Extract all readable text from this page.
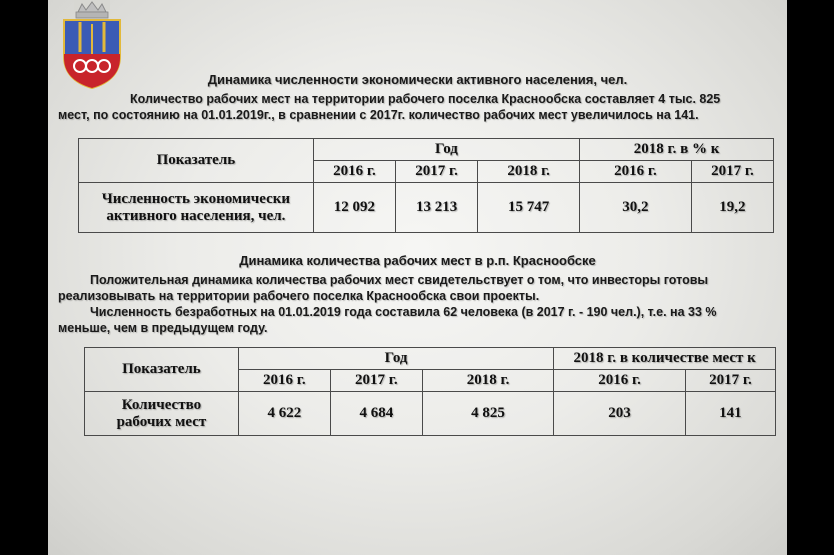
Динамика численности экономически активного населения, чел.
Количество рабочих мест на территории рабочего поселка Краснообска составляет 4 тыс. 825
мест, по состоянию на 01.01.2019г., в сравнении с 2017г. количество рабочих мест увеличилось на 141.
Показатель	Год			2018 г. в % к	
	2016 г.	2017 г.	2018 г.	2016 г.	2017 г.

Численность экономически
активного населения, чел.	12 092	13 213	15 747	30,2	19,2
Динамика количества рабочих мест в р.п. Краснообске
Положительная динамика количества рабочих мест свидетельствует о том, что инвесторы готовы
реализовывать на территории рабочего поселка Краснообска свои проекты.
Численность безработных на 01.01.2019 года составила 62 человека (в 2017 г. - 190 чел.), т.е. на 33 %
меньше, чем в предыдущем году.
Показатель	Год			2018 г. в количестве мест к	
	2016 г.	2017 г.	2018 г.	2016 г.	2017 г.

Количество
рабочих мест	4 622	4 684	4 825	203	141
